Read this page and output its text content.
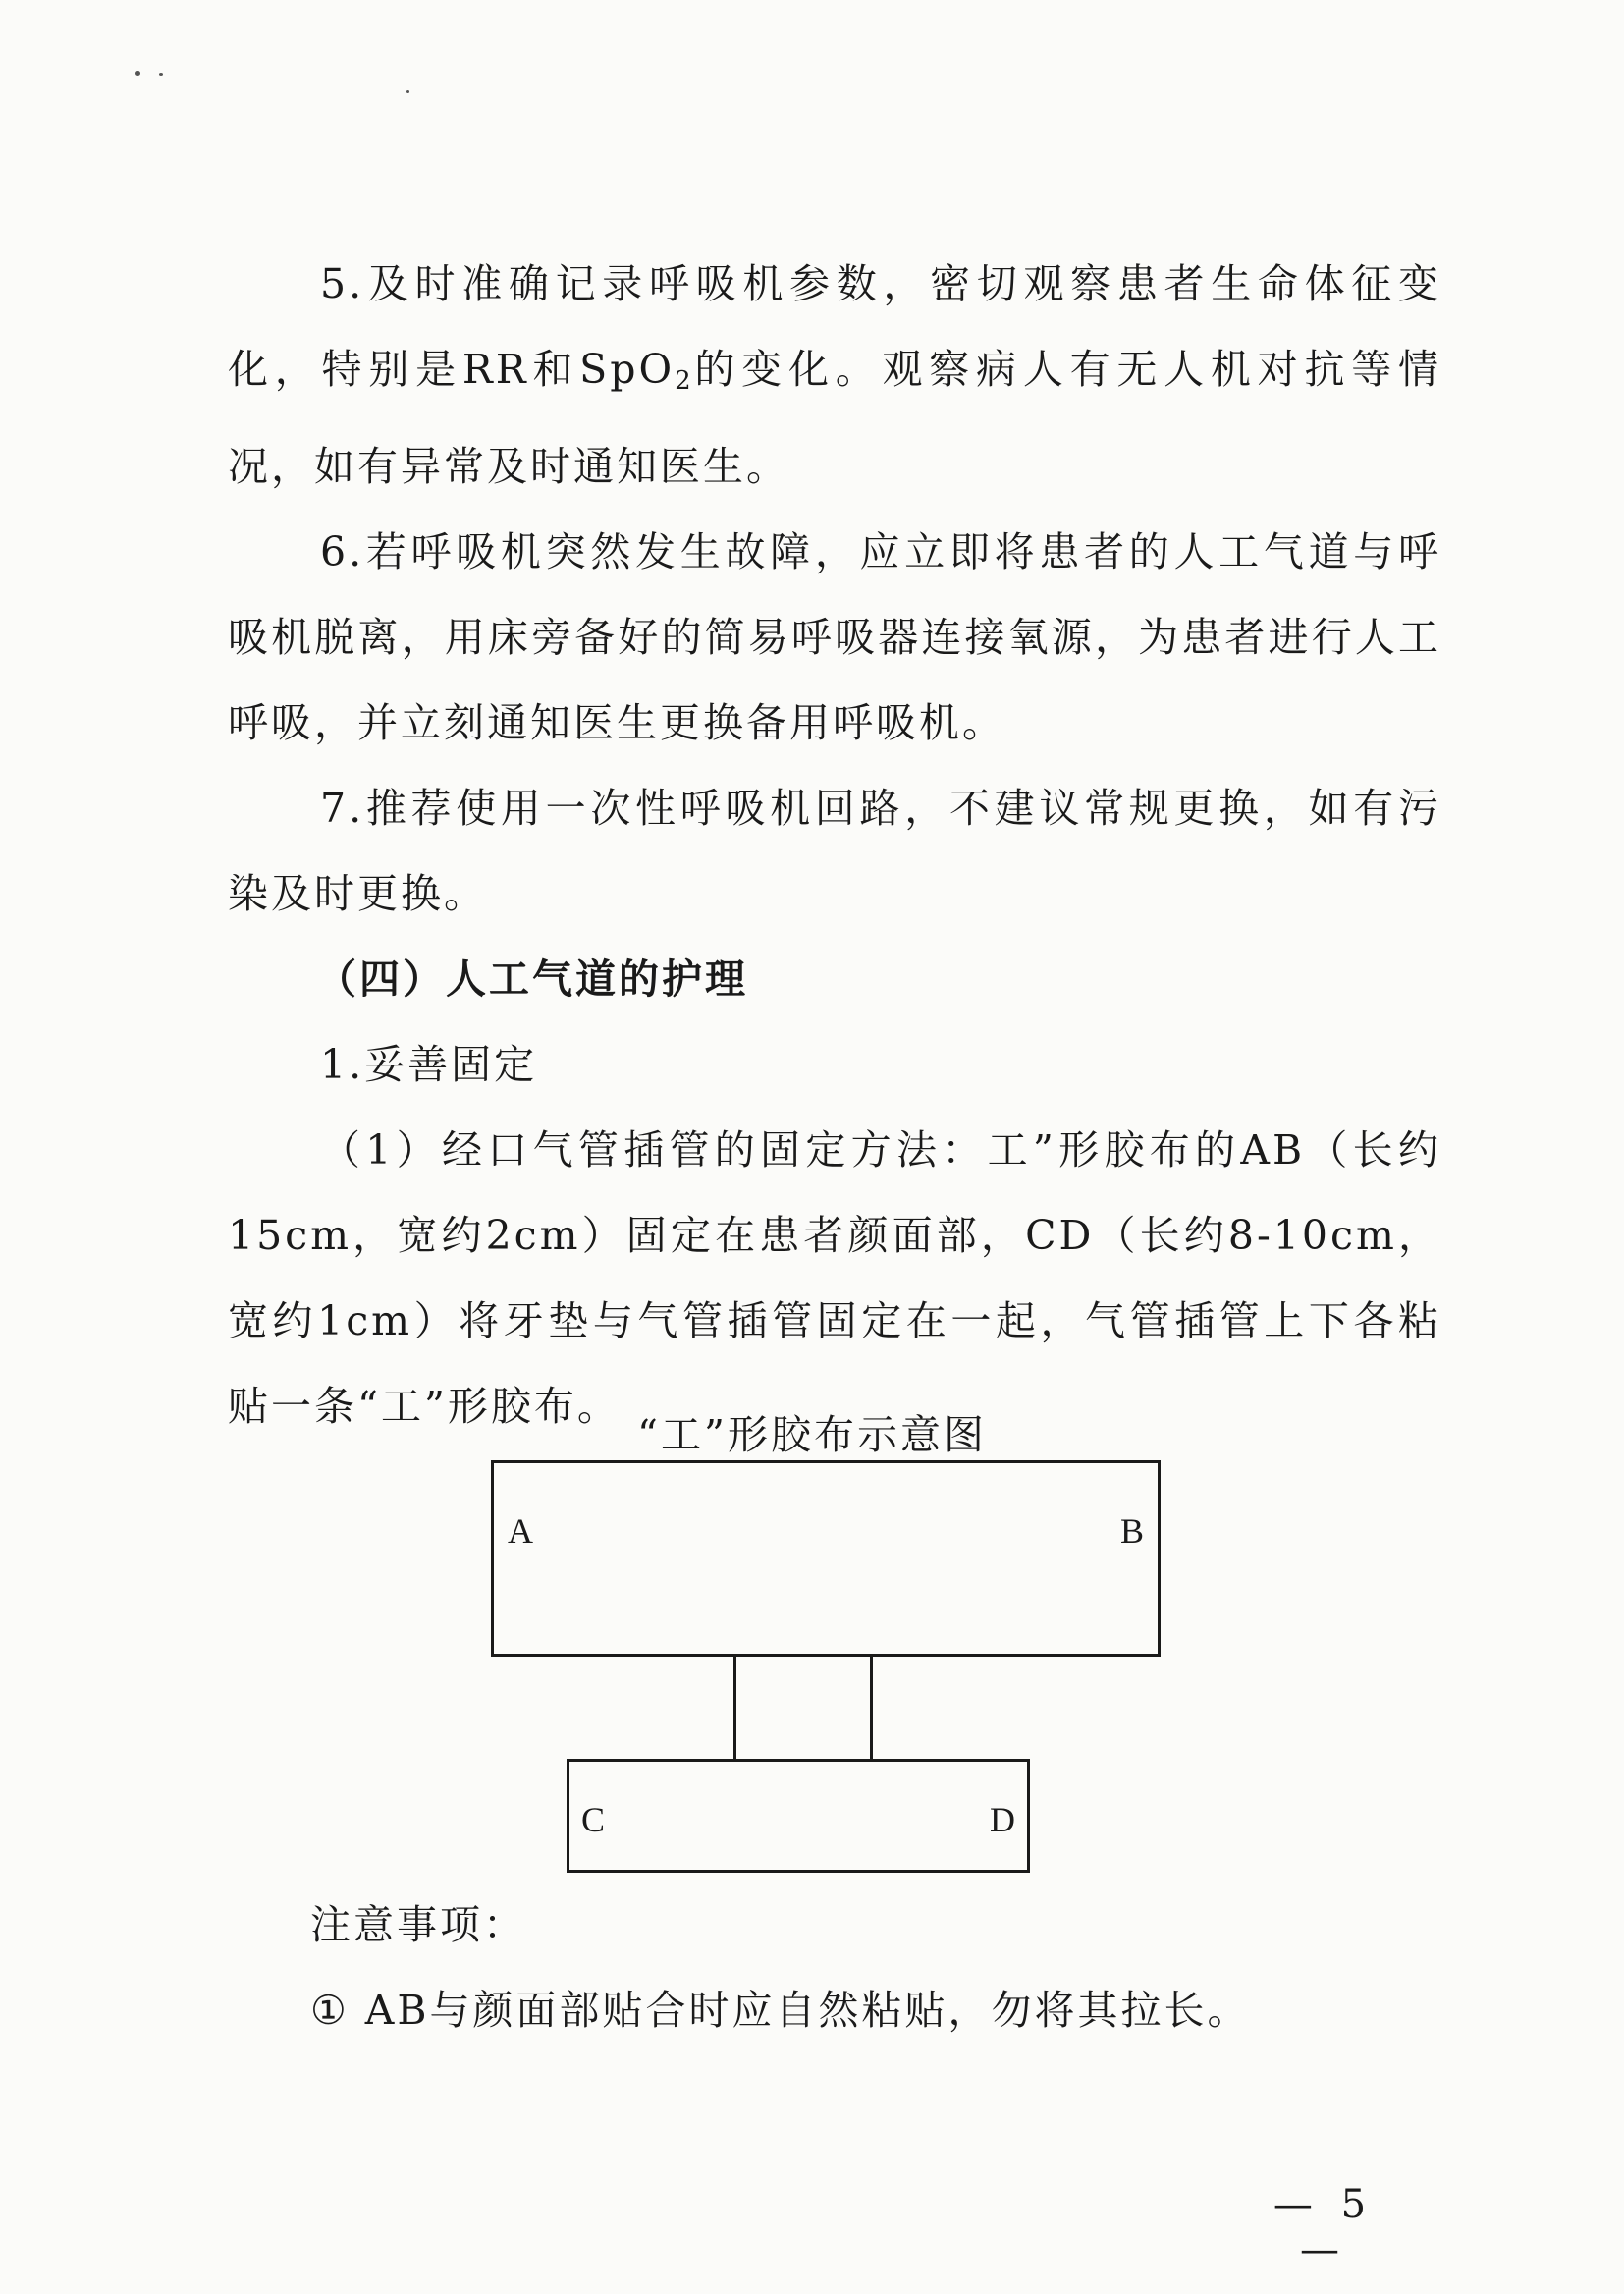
5.及时准确记录呼吸机参数，密切观察患者生命体征变化，特别是RR和SpO$_2$的变化。观察病人有无人机对抗等情况，如有异常及时通知医生。

6.若呼吸机突然发生故障，应立即将患者的人工气道与呼吸机脱离，用床旁备好的简易呼吸器连接氧源，为患者进行人工呼吸，并立刻通知医生更换备用呼吸机。

7.推荐使用一次性呼吸机回路，不建议常规更换，如有污染及时更换。

（四）人工气道的护理

1.妥善固定

（1）经口气管插管的固定方法：工”形胶布的AB（长约15cm，宽约2cm）固定在患者颜面部，CD（长约8-10cm，宽约1cm）将牙垫与气管插管固定在一起，气管插管上下各粘贴一条“工”形胶布。

“工”形胶布示意图
A	B
C	D

注意事项：

① AB与颜面部贴合时应自然粘贴，勿将其拉长。

— 5 —
